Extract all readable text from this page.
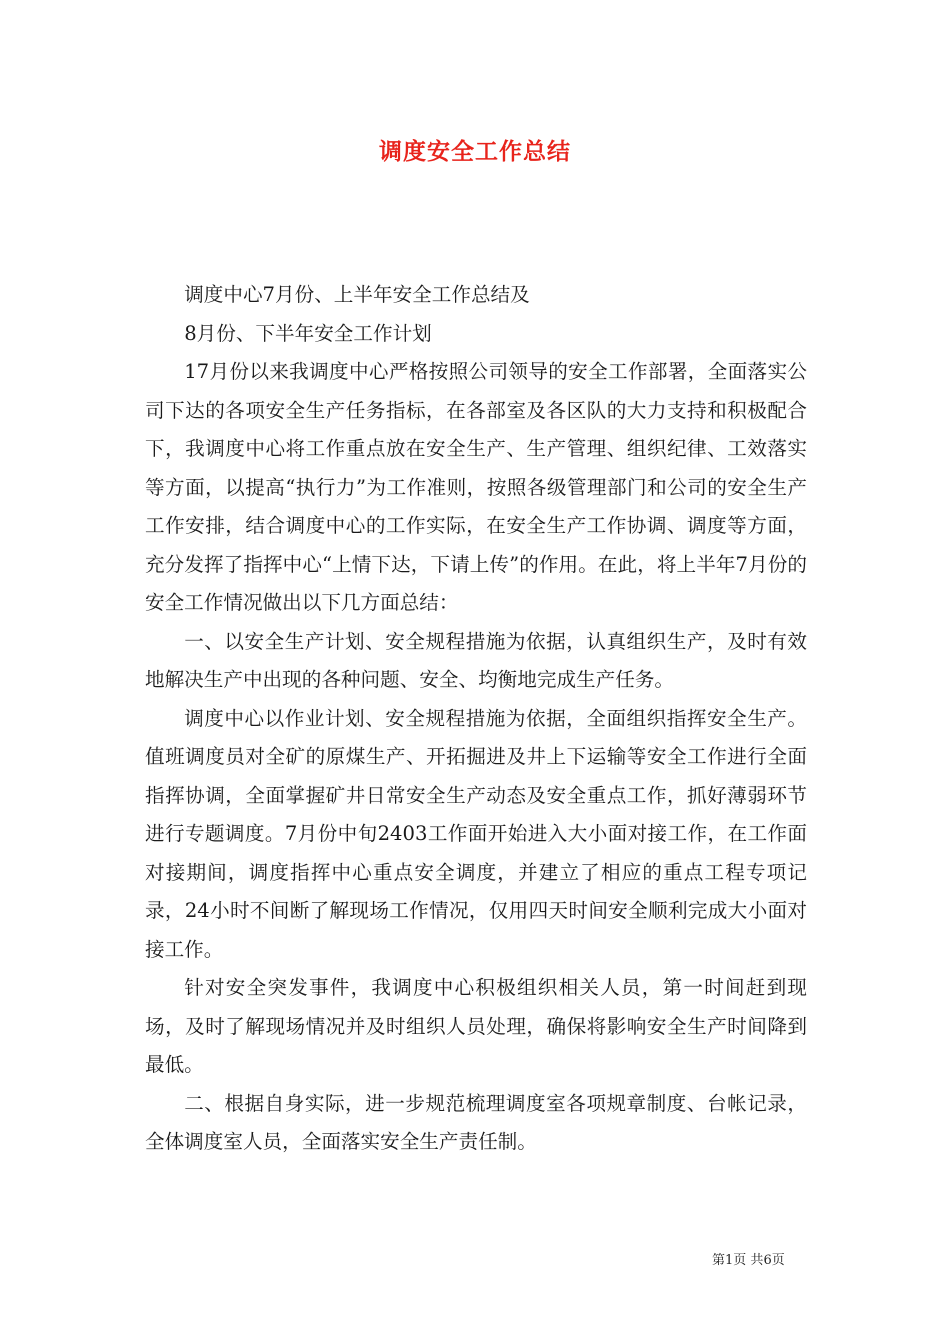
调度安全工作总结

调度中心7月份、上半年安全工作总结及

8月份、下半年安全工作计划

17月份以来我调度中心严格按照公司领导的安全工作部署，全面落实公司下达的各项安全生产任务指标，在各部室及各区队的大力支持和积极配合下，我调度中心将工作重点放在安全生产、生产管理、组织纪律、工效落实等方面，以提高“执行力”为工作准则，按照各级管理部门和公司的安全生产工作安排，结合调度中心的工作实际，在安全生产工作协调、调度等方面，充分发挥了指挥中心“上情下达，下请上传”的作用。在此，将上半年7月份的安全工作情况做出以下几方面总结：

一、以安全生产计划、安全规程措施为依据，认真组织生产，及时有效地解决生产中出现的各种问题、安全、均衡地完成生产任务。

调度中心以作业计划、安全规程措施为依据，全面组织指挥安全生产。值班调度员对全矿的原煤生产、开拓掘进及井上下运输等安全工作进行全面指挥协调，全面掌握矿井日常安全生产动态及安全重点工作，抓好薄弱环节进行专题调度。7月份中旬2403工作面开始进入大小面对接工作，在工作面对接期间，调度指挥中心重点安全调度，并建立了相应的重点工程专项记录，24小时不间断了解现场工作情况，仅用四天时间安全顺利完成大小面对接工作。

针对安全突发事件，我调度中心积极组织相关人员，第一时间赶到现场，及时了解现场情况并及时组织人员处理，确保将影响安全生产时间降到最低。

二、根据自身实际，进一步规范梳理调度室各项规章制度、台帐记录，全体调度室人员，全面落实安全生产责任制。

第1页 共6页
